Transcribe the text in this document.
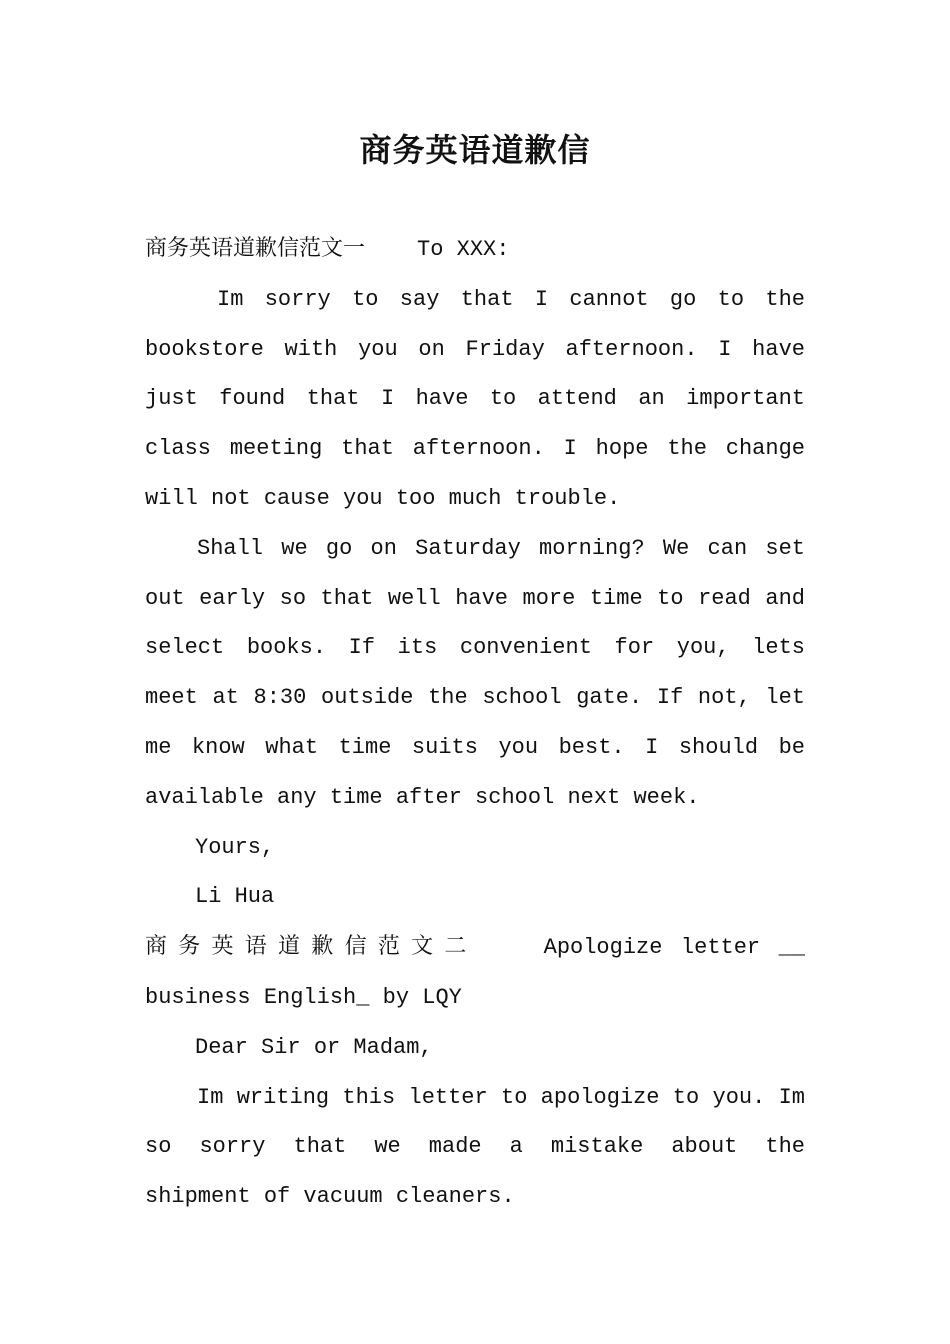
商务英语道歉信

商务英语道歉信范文一 To XXX:

Im sorry to say that I cannot go to the bookstore with you on Friday afternoon. I have just found that I have to attend an important class meeting that afternoon. I hope the change will not cause you too much trouble.

Shall we go on Saturday morning? We can set out early so that well have more time to read and select books. If its convenient for you, lets meet at 8:30 outside the school gate. If not, let me know what time suits you best. I should be available any time after school next week.

Yours,

Li Hua

商务英语道歉信范文二	Apologize letter __ business English_ by LQY

Dear Sir or Madam,

Im writing this letter to apologize to you. Im so sorry that we made a mistake about the shipment of vacuum cleaners.
